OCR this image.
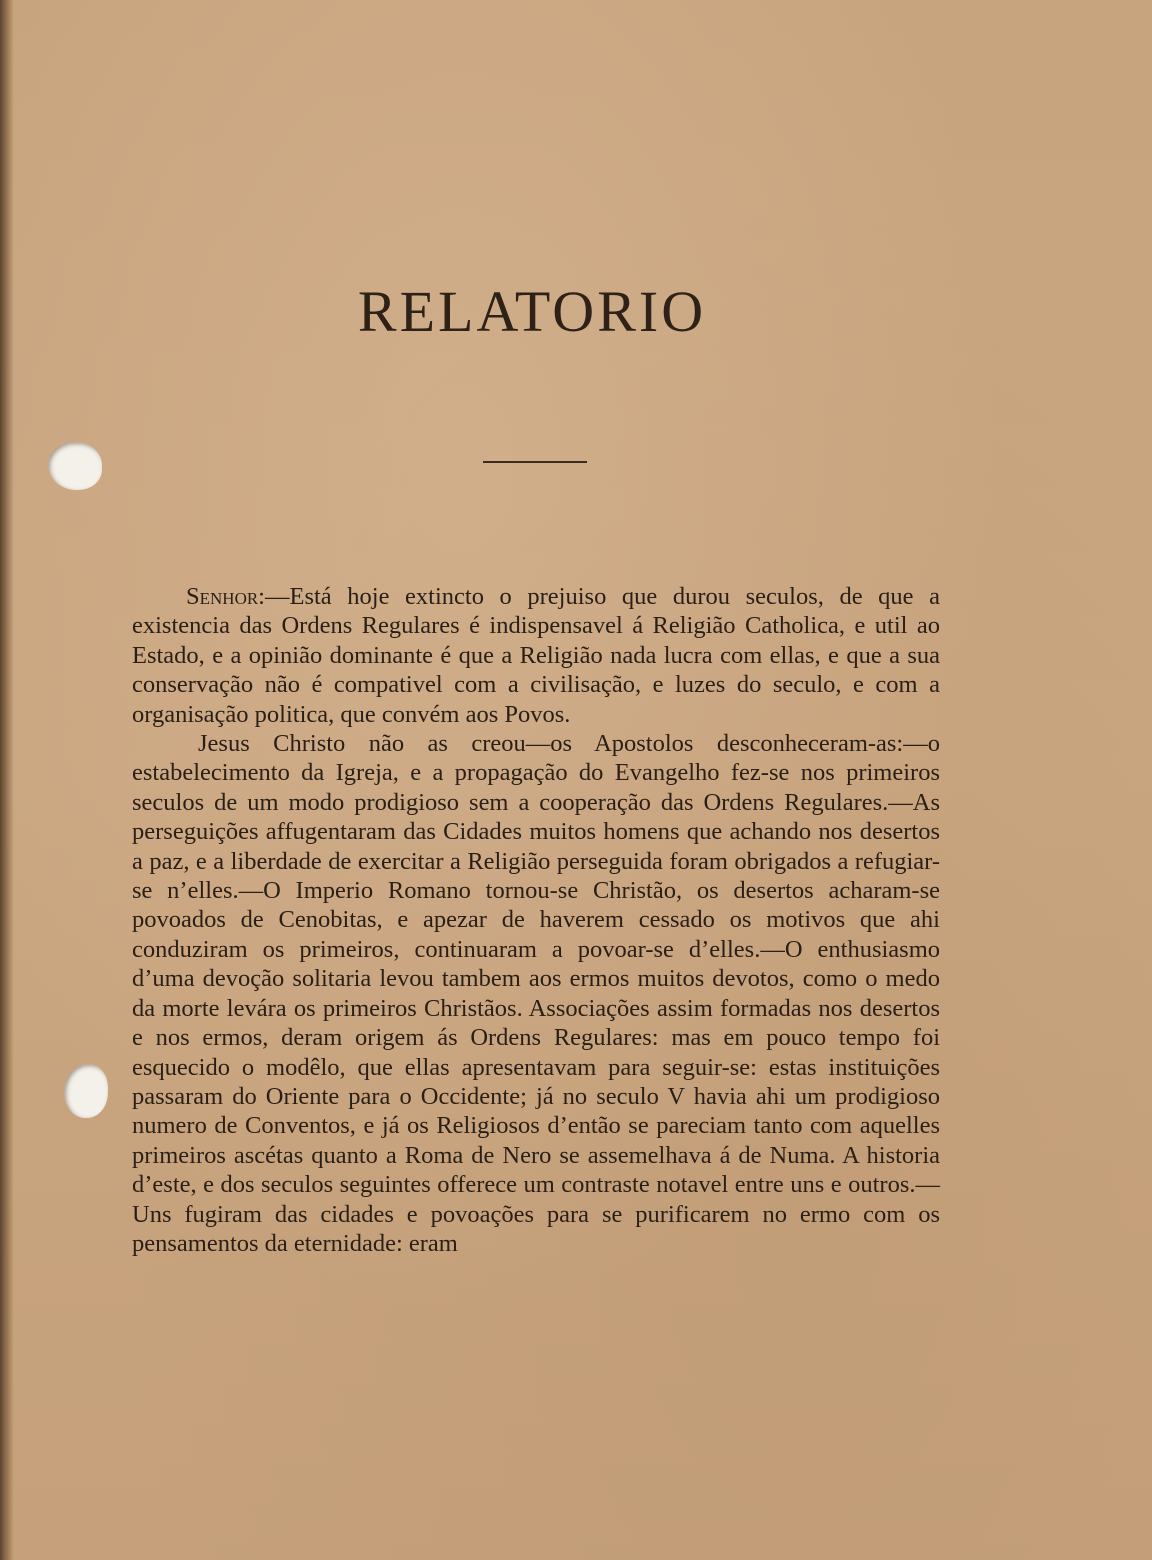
RELATORIO

Senhor:—Está hoje extincto o prejuiso que durou seculos, de que a existencia das Ordens Regulares é indispensavel á Religião Catholica, e util ao Estado, e a opinião dominante é que a Religião nada lucra com ellas, e que a sua conservação não é compativel com a civilisação, e luzes do seculo, e com a organisação politica, que convém aos Povos.

Jesus Christo não as creou—os Apostolos desconheceram-as:—o estabelecimento da Igreja, e a propagação do Evangelho fez-se nos primeiros seculos de um modo prodigioso sem a cooperação das Ordens Regulares.—As perseguições affugentaram das Cidades muitos homens que achando nos desertos a paz, e a liberdade de exercitar a Religião perseguida foram obrigados a refugiar-se n’elles.—O Imperio Romano tornou-se Christão, os desertos acharam-se povoados de Cenobitas, e apezar de haverem cessado os motivos que ahi conduziram os primeiros, continuaram a povoar-se d’elles.—O enthusiasmo d’uma devoção solitaria levou tambem aos ermos muitos devotos, como o medo da morte levára os primeiros Christãos. Associações assim formadas nos desertos e nos ermos, deram origem ás Ordens Regulares: mas em pouco tempo foi esquecido o modêlo, que ellas apresentavam para seguir-se: estas instituições passaram do Oriente para o Occidente; já no seculo V havia ahi um prodigioso numero de Conventos, e já os Religiosos d’então se pareciam tanto com aquelles primeiros ascétas quanto a Roma de Nero se assemelhava á de Numa. A historia d’este, e dos seculos seguintes offerece um contraste notavel entre uns e outros.—Uns fugiram das cidades e povoações para se purificarem no ermo com os pensamentos da eternidade: eram
